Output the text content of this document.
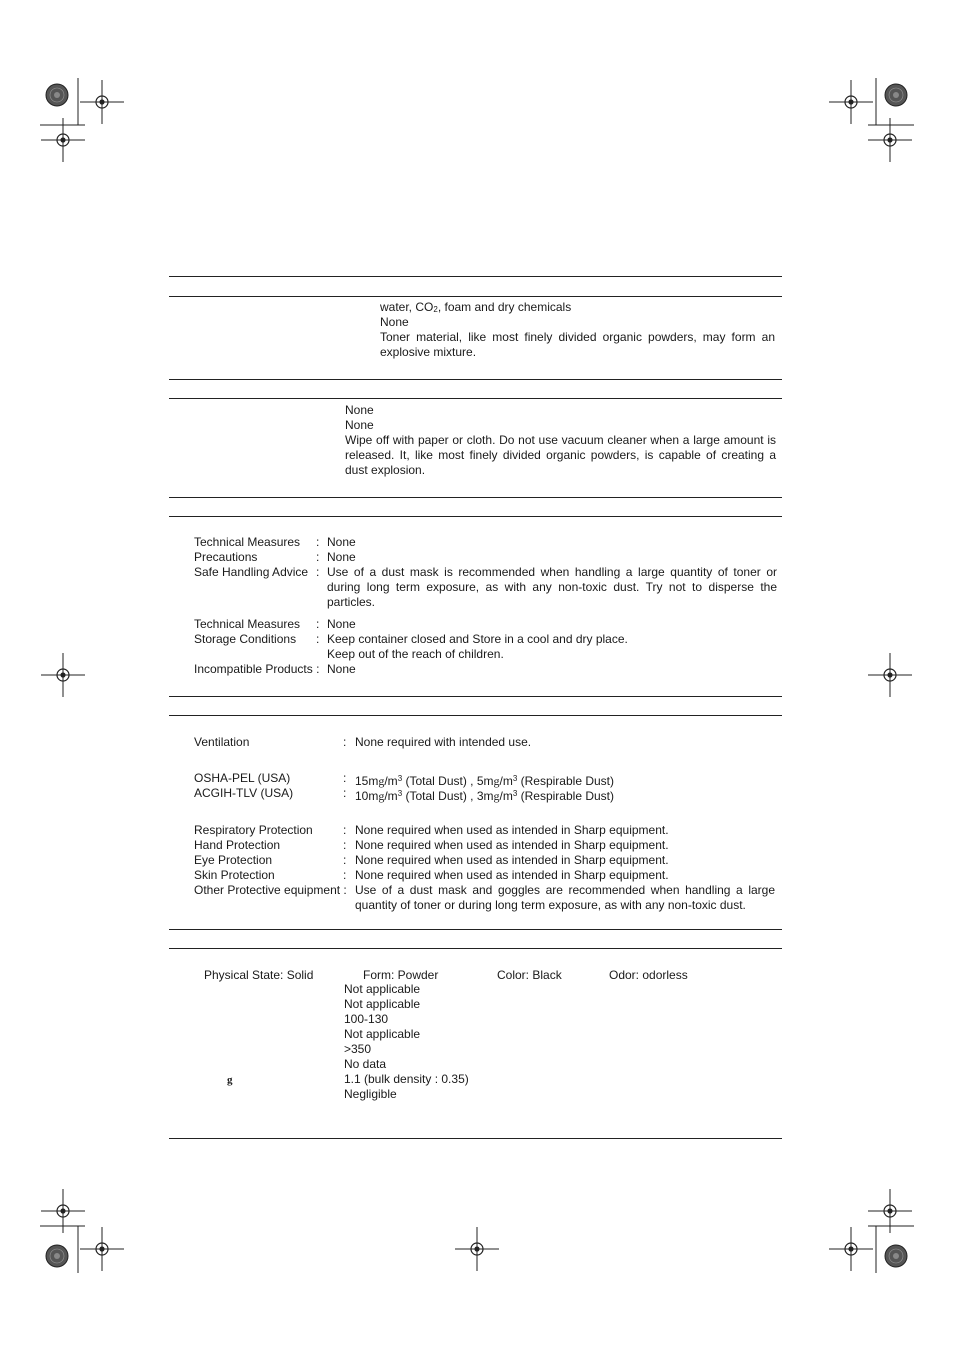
water, $CO_2$, foam and dry chemicals
None
Toner material, like most finely divided organic powders, may form an explosive mixture.
None
None
Wipe off with paper or cloth. Do not use vacuum cleaner when a large amount is released. It, like most finely divided organic powders, is capable of creating a dust explosion.
Technical Measures : None
Precautions	: None
Safe Handling Advice : Use of a dust mask is recommended when handling a large quantity of toner or during long term exposure, as with any non-toxic dust. Try not to disperse the particles.
Technical Measures : None
Storage Conditions : Keep container closed and Store in a cool and dry place.
Keep out of the reach of children.
Incompatible Products : None
Ventilation	: None required with intended use.
OSHA-PEL (USA)	: $15mg/m^3$ (Total Dust) , $5mg/m^3$ (Respirable Dust)
ACGIH-TLV (USA)	: $10mg/m^3$ (Total Dust) , $3mg/m^3$ (Respirable Dust)
Respiratory Protection	: None required when used as intended in Sharp equipment.
Hand Protection	: None required when used as intended in Sharp equipment.
Eye Protection	: None required when used as intended in Sharp equipment.
Skin Protection	: None required when used as intended in Sharp equipment.
Other Protective equipment : Use of a dust mask and goggles are recommended when handling a large quantity of toner or during long term exposure, as with any non-toxic dust.
Physical State: Solid	Form: Powder	Color: Black	Odor: odorless
Not applicable
Not applicable
100-130
Not applicable
>350
No data
1.1 (bulk density : 0.35)
Negligible
g
